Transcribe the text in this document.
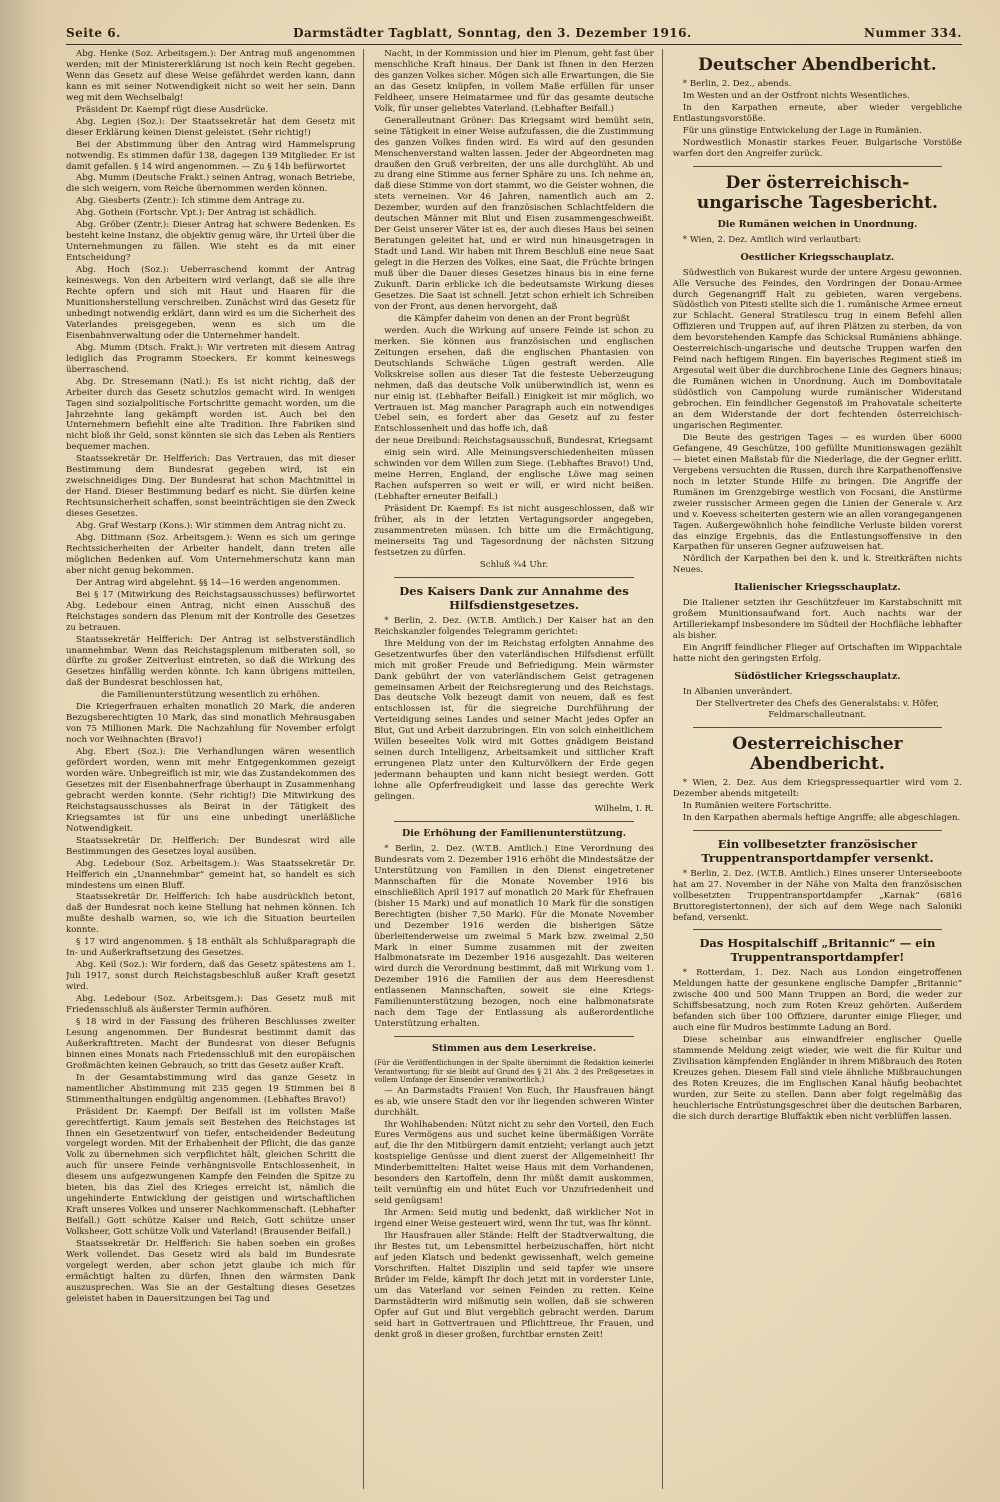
Seite 6.	Darmstädter Tagblatt, Sonntag, den 3. Dezember 1916.	Nummer 334.

Abg. Henke (Soz. Arbeitsgem.): Der Antrag muß angenommen werden; mit der Ministererklärung ist noch kein Recht gegeben. Wenn das Gesetz auf diese Weise gefährdet werden kann, dann kann es mit seiner Notwendigkeit nicht so weit her sein. Dann weg mit dem Wechselbalg!

Präsident Dr. Kaempf rügt diese Ausdrücke.

Abg. Legien (Soz.): Der Staatssekretär hat dem Gesetz mit dieser Erklärung keinen Dienst geleistet. (Sehr richtig!)

Bei der Abstimmung über den Antrag wird Hammelsprung notwendig. Es stimmen dafür 138, dagegen 139 Mitglieder. Er ist damit gefallen. § 14 wird angenommen. — Zu § 14b befürwortet

Abg. Mumm (Deutsche Frakt.) seinen Antrag, wonach Betriebe, die sich weigern, vom Reiche übernommen werden können.

Abg. Giesberts (Zentr.): Ich stimme dem Antrage zu.

Abg. Gothein (Fortschr. Vpt.): Der Antrag ist schädlich.

Abg. Gröber (Zentr.): Dieser Antrag hat schwere Bedenken. Es besteht keine Instanz, die objektiv genug wäre, ihr Urteil über die Unternehmungen zu fällen. Wie steht es da mit einer Entscheidung?

Abg. Hoch (Soz.): Ueberraschend kommt der Antrag keineswegs. Von den Arbeitern wird verlangt, daß sie alle ihre Rechte opfern und sich mit Haut und Haaren für die Munitionsherstellung verschreiben. Zunächst wird das Gesetz für unbedingt notwendig erklärt, dann wird es um die Sicherheit des Vaterlandes preisgegeben, wenn es sich um die Eisenbahnverwaltung oder die Unternehmer handelt.

Abg. Mumm (Dtsch. Frakt.): Wir vertreten mit diesem Antrag lediglich das Programm Stoeckers. Er kommt keineswegs überraschend.

Abg. Dr. Stresemann (Natl.): Es ist nicht richtig, daß der Arbeiter durch das Gesetz schutzlos gemacht wird. In wenigen Tagen sind sozialpolitische Fortschritte gemacht worden, um die Jahrzehnte lang gekämpft worden ist. Auch bei den Unternehmern befiehlt eine alte Tradition. Ihre Fabriken sind nicht bloß ihr Geld, sonst könnten sie sich das Leben als Rentiers bequemer machen.

Staatssekretär Dr. Helfferich: Das Vertrauen, das mit dieser Bestimmung dem Bundesrat gegeben wird, ist ein zweischneidiges Ding. Der Bundesrat hat schon Machtmittel in der Hand. Dieser Bestimmung bedarf es nicht. Sie dürfen keine Rechtsunsicherheit schaffen, sonst beeinträchtigen sie den Zweck dieses Gesetzes.

Abg. Graf Westarp (Kons.): Wir stimmen dem Antrag nicht zu.

Abg. Dittmann (Soz. Arbeitsgem.): Wenn es sich um geringe Rechtssicherheiten der Arbeiter handelt, dann treten alle möglichen Bedenken auf. Vom Unternehmerschutz kann man aber nicht genug bekommen.

Der Antrag wird abgelehnt. §§ 14—16 werden angenommen.

Bei § 17 (Mitwirkung des Reichstagsausschusses) befürwortet Abg. Ledebour einen Antrag, nicht einen Ausschuß des Reichstages sondern das Plenum mit der Kontrolle des Gesetzes zu betrauen.

Staatssekretär Helfferich: Der Antrag ist selbstverständlich unannehmbar. Wenn das Reichstagsplenum mitberaten soll, so dürfte zu großer Zeitverlust eintreten, so daß die Wirkung des Gesetzes hinfällig werden könnte. Ich kann übrigens mitteilen, daß der Bundesrat beschlossen hat,

die Familienunterstützung wesentlich zu erhöhen.

Die Kriegerfrauen erhalten monatlich 20 Mark, die anderen Bezugsberechtigten 10 Mark, das sind monatlich Mehrausgaben von 75 Millionen Mark. Die Nachzahlung für November erfolgt noch vor Weihnachten (Bravo!)

Abg. Ebert (Soz.): Die Verhandlungen wären wesentlich gefördert worden, wenn mit mehr Entgegenkommen gezeigt worden wäre. Unbegreiflich ist mir, wie das Zustandekommen des Gesetzes mit der Eisenbahnerfrage überhaupt in Zusammenhang gebracht werden konnte. (Sehr richtig!) Die Mitwirkung des Reichstagsausschusses als Beirat in der Tätigkeit des Kriegsamtes ist für uns eine unbedingt unerläßliche Notwendigkeit.

Staatssekretär Dr. Helfferich: Der Bundesrat wird alle Bestimmungen des Gesetzes loyal ausüben.

Abg. Ledebour (Soz. Arbeitsgem.): Was Staatssekretär Dr. Helfferich ein „Unannehmbar“ gemeint hat, so handelt es sich mindestens um einen Bluff.

Staatssekretär Dr. Helfferich: Ich habe ausdrücklich betont, daß der Bundesrat noch keine Stellung hat nehmen können. Ich mußte deshalb warnen, so, wie ich die Situation beurteilen konnte.

§ 17 wird angenommen. § 18 enthält als Schlußparagraph die In- und Außerkraftsetzung des Gesetzes.

Abg. Keil (Soz.): Wir fordern, daß das Gesetz spätestens am 1. Juli 1917, sonst durch Reichstagsbeschluß außer Kraft gesetzt wird.

Abg. Ledebour (Soz. Arbeitsgem.): Das Gesetz muß mit Friedensschluß als äußerster Termin aufhören.

§ 18 wird in der Fassung des früheren Beschlusses zweiter Lesung angenommen. Der Bundesrat bestimmt damit das Außerkrafttreten. Macht der Bundesrat von dieser Befugnis binnen eines Monats nach Friedensschluß mit den europäischen Großmächten keinen Gebrauch, so tritt das Gesetz außer Kraft.

In der Gesamtabstimmung wird das ganze Gesetz in namentlicher Abstimmung mit 235 gegen 19 Stimmen bei 8 Stimmenthaltungen endgültig angenommen. (Lebhaftes Bravo!)

Präsident Dr. Kaempf: Der Beifall ist im vollsten Maße gerechtfertigt. Kaum jemals seit Bestehen des Reichstages ist Ihnen ein Gesetzentwurf von tiefer, entscheidender Bedeutung vorgelegt worden. Mit der Erhabenheit der Pflicht, die das ganze Volk zu übernehmen sich verpflichtet hält, gleichen Schritt die auch für unsere Feinde verhängnisvolle Entschlossenheit, in diesem uns aufgezwungenen Kampfe den Feinden die Spitze zu bieten, bis das Ziel des Krieges erreicht ist, nämlich die ungehinderte Entwicklung der geistigen und wirtschaftlichen Kraft unseres Volkes und unserer Nachkommenschaft. (Lebhafter Beifall.) Gott schütze Kaiser und Reich, Gott schütze unser Volksheer, Gott schütze Volk und Vaterland! (Brausender Beifall.)

Staatssekretär Dr. Helfferich: Sie haben soeben ein großes Werk vollendet. Das Gesetz wird als bald im Bundesrate vorgelegt werden, aber schon jetzt glaube ich mich für ermächtigt halten zu dürfen, Ihnen den wärmsten Dank auszusprechen. Was Sie an der Gestaltung dieses Gesetzes geleistet haben in Dauersitzungen bei Tag und

Nacht, in der Kommission und hier im Plenum, geht fast über menschliche Kraft hinaus. Der Dank ist Ihnen in den Herzen des ganzen Volkes sicher. Mögen sich alle Erwartungen, die Sie an das Gesetz knüpfen, in vollem Maße erfüllen für unser Feldheer, unsere Heimatarmee und für das gesamte deutsche Volk, für unser geliebtes Vaterland. (Lebhafter Beifall.)

Generalleutnant Gröner: Das Kriegsamt wird bemüht sein, seine Tätigkeit in einer Weise aufzufassen, die die Zustimmung des ganzen Volkes finden wird. Es wird auf den gesunden Menschenverstand walten lassen. Jeder der Abgeordneten mag draußen den Gruß verbreiten, der uns alle durchglüht. Ab und zu drang eine Stimme aus ferner Sphäre zu uns. Ich nehme an, daß diese Stimme von dort stammt, wo die Geister wohnen, die stets verneinen. Vor 46 Jahren, namentlich auch am 2. Dezember, wurden auf den französischen Schlachtfeldern die deutschen Männer mit Blut und Eisen zusammengeschweißt. Der Geist unserer Väter ist es, der auch dieses Haus bei seinen Beratungen geleitet hat, und er wird nun hinausgetragen in Stadt und Land. Wir haben mit Ihrem Beschluß eine neue Saat gelegt in die Herzen des Volkes, eine Saat, die Früchte bringen muß über die Dauer dieses Gesetzes hinaus bis in eine ferne Zukunft. Darin erblicke ich die bedeutsamste Wirkung dieses Gesetzes. Die Saat ist schnell. Jetzt schon erhielt ich Schreiben von der Front, aus denen hervorgeht, daß

die Kämpfer daheim von denen an der Front begrüßt

werden. Auch die Wirkung auf unsere Feinde ist schon zu merken. Sie können aus französischen und englischen Zeitungen ersehen, daß die englischen Phantasien von Deutschlands Schwäche Lügen gestraft werden. Alle Volkskreise sollen aus dieser Tat die festeste Ueberzeugung nehmen, daß das deutsche Volk unüberwindlich ist, wenn es nur einig ist. (Lebhafter Beifall.) Einigkeit ist mir möglich, wo Vertrauen ist. Mag mancher Paragraph auch ein notwendiges Uebel sein, es fordert aber das Gesetz auf zu fester Entschlossenheit und das hoffe ich, daß

der neue Dreibund: Reichstagsausschuß, Bundesrat, Kriegsamt

einig sein wird. Alle Meinungsverschiedenheiten müssen schwinden vor dem Willen zum Siege. (Lebhaftes Bravo!) Und, meine Herren, England, der englische Löwe mag seinen Rachen aufsperren so weit er will, er wird nicht beißen. (Lebhafter erneuter Beifall.)

Präsident Dr. Kaempf: Es ist nicht ausgeschlossen, daß wir früher, als in der letzten Vertagungsorder angegeben, zusammentreten müssen. Ich bitte um die Ermächtigung, meinerseits Tag und Tagesordnung der nächsten Sitzung festsetzen zu dürfen.

Schluß ¾4 Uhr.

Des Kaisers Dank zur Annahme des Hilfsdienstgesetzes.

* Berlin, 2. Dez. (W.T.B. Amtlich.) Der Kaiser hat an den Reichskanzler folgendes Telegramm gerichtet:

Ihre Meldung von der im Reichstag erfolgten Annahme des Gesetzentwurfes über den vaterländischen Hilfsdienst erfüllt mich mit großer Freude und Befriedigung. Mein wärmster Dank gebührt der von vaterländischem Geist getragenen gemeinsamen Arbeit der Reichsregierung und des Reichstags. Das deutsche Volk bezeugt damit von neuem, daß es fest entschlossen ist, für die siegreiche Durchführung der Verteidigung seines Landes und seiner Macht jedes Opfer an Blut, Gut und Arbeit darzubringen. Ein von solch einheitlichem Willen beseeltes Volk wird mit Gottes gnädigem Beistand seinen durch Intelligenz, Arbeitsamkeit und sittlicher Kraft errungenen Platz unter den Kulturvölkern der Erde gegen jedermann behaupten und kann nicht besiegt werden. Gott lohne alle Opferfreudigkeit und lasse das gerechte Werk gelingen.

Wilhelm, I. R.

Die Erhöhung der Familienunterstützung.

* Berlin, 2. Dez. (W.T.B. Amtlich.) Eine Verordnung des Bundesrats vom 2. Dezember 1916 erhöht die Mindestsätze der Unterstützung von Familien in den Dienst eingetretener Mannschaften für die Monate November 1916 bis einschließlich April 1917 auf monatlich 20 Mark für Ehefrauen (bisher 15 Mark) und auf monatlich 10 Mark für die sonstigen Berechtigten (bisher 7,50 Mark). Für die Monate November und Dezember 1916 werden die bisherigen Sätze überleitenderweise um zweimal 5 Mark bzw. zweimal 2,50 Mark in einer Summe zusammen mit der zweiten Halbmonatsrate im Dezember 1916 ausgezahlt. Das weiteren wird durch die Verordnung bestimmt, daß mit Wirkung vom 1. Dezember 1916 die Familien der aus dem Heeresdienst entlassenen Mannschaften, soweit sie eine Kriegs-Familienunterstützung bezogen, noch eine halbmonatsrate nach dem Tage der Entlassung als außerordentliche Unterstützung erhalten.

Stimmen aus dem Leserkreise.

(Für die Veröffentlichungen in der Spalte übernimmt die Redaktion keinerlei Verantwortung; für sie bleibt auf Grund des § 21 Abs. 2 des Preßgesetzes in vollem Umfange der Einsender verantwortlich.)

— An Darmstadts Frauen! Von Euch, Ihr Hausfrauen hängt es ab, wie unsere Stadt den vor ihr liegenden schweren Winter durchhält.

Ihr Wohlhabenden: Nützt nicht zu sehr den Vorteil, den Euch Eures Vermögens aus und suchet keine übermäßigen Vorräte auf, die Ihr den Mitbürgern damit entzieht; verlangt auch jetzt kostspielige Genüsse und dient zuerst der Allgemeinheit! Ihr Minderbemittelten: Haltet weise Haus mit dem Vorhandenen, besonders den Kartoffeln, denn Ihr müßt damit auskommen, teilt vernünftig ein und hütet Euch vor Unzufriedenheit und seid genügsam!

Ihr Armen: Seid mutig und bedenkt, daß wirklicher Not in irgend einer Weise gesteuert wird, wenn Ihr tut, was Ihr könnt.

Ihr Hausfrauen aller Stände: Helft der Stadtverwaltung, die ihr Bestes tut, um Lebensmittel herbeizuschaffen, hört nicht auf jeden Klatsch und bedenkt gewissenhaft, welch gemeine Vorschriften. Haltet Disziplin und seid tapfer wie unsere Brüder im Felde, kämpft Ihr doch jetzt mit in vorderster Linie, um das Vaterland vor seinen Feinden zu retten. Keine Darmstädterin wird mißmutig sein wollen, daß sie schweren Opfer auf Gut und Blut vergeblich gebracht werden. Darum seid hart in Gottvertrauen und Pflichttreue, Ihr Frauen, und denkt groß in dieser großen, furchtbar ernsten Zeit!

Deutscher Abendbericht.

* Berlin, 2. Dez., abends.

Im Westen und an der Ostfront nichts Wesentliches.

In den Karpathen erneute, aber wieder vergebliche Entlastungsvorstöße.

Für uns günstige Entwickelung der Lage in Rumänien.

Nordwestlich Monastir starkes Feuer. Bulgarische Vorstöße warfen dort den Angreifer zurück.

Der österreichisch-ungarische Tagesbericht.
Die Rumänen weichen in Unordnung.

* Wien, 2. Dez. Amtlich wird verlautbart:

Oestlicher Kriegsschauplatz.

Südwestlich von Bukarest wurde der untere Argesu gewonnen. Alle Versuche des Feindes, den Vordringen der Donau-Armee durch Gegenangriff Halt zu gebieten, waren vergebens. Südöstlich von Pitesti stellte sich die 1. rumänische Armee erneut zur Schlacht. General Stratilescu trug in einem Befehl allen Offizieren und Truppen auf, auf ihren Plätzen zu sterben, da von dem bevorstehenden Kampfe das Schicksal Rumäniens abhänge. Oesterreichisch-ungarische und deutsche Truppen warfen den Feind nach heftigem Ringen. Ein bayerisches Regiment stieß im Argesutal weit über die durchbrochene Linie des Gegners hinaus; die Rumänen wichen in Unordnung. Auch im Dombovitatale südöstlich von Campolung wurde rumänischer Widerstand gebrochen. Ein feindlicher Gegenstoß im Prahovatale scheiterte an dem Widerstande der dort fechtenden österreichisch-ungarischen Regimenter.

Die Beute des gestrigen Tages — es wurden über 6000 Gefangene, 49 Geschütze, 100 gefüllte Munitionswagen gezählt — bietet einen Maßstab für die Niederlage, die der Gegner erlitt. Vergebens versuchten die Russen, durch ihre Karpathenoffensive noch in letzter Stunde Hilfe zu bringen. Die Angriffe der Rumänen im Grenzgebirge westlich von Focsani, die Anstürme zweier russischer Armeen gegen die Linien der Generale v. Arz und v. Koevess scheiterten gestern wie an allen vorangegangenen Tagen. Außergewöhnlich hohe feindliche Verluste bilden vorerst das einzige Ergebnis, das die Entlastungsoffensive in den Karpathen für unseren Gegner aufzuweisen hat.

Nördlich der Karpathen bei den k. und k. Streitkräften nichts Neues.

Italienischer Kriegsschauplatz.

Die Italiener setzten ihr Geschützfeuer im Karstabschnitt mit großem Munitionsaufwand fort. Auch nachts war der Artilleriekampf insbesondere im Südteil der Hochfläche lebhafter als bisher.

Ein Angriff feindlicher Flieger auf Ortschaften im Wippachtale hatte nicht den geringsten Erfolg.

Südöstlicher Kriegsschauplatz.

In Albanien unverändert.

Der Stellvertreter des Chefs des Generalstabs: v. Höfer, Feldmarschalleutnant.

Oesterreichischer Abendbericht.

* Wien, 2. Dez. Aus dem Kriegspressequartier wird vom 2. Dezember abends mitgeteilt:

In Rumänien weitere Fortschritte.

In den Karpathen abermals heftige Angriffe; alle abgeschlagen.

Ein vollbesetzter französischer Truppentransportdampfer versenkt.

* Berlin, 2. Dez. (W.T.B. Amtlich.) Eines unserer Unterseeboote hat am 27. November in der Nähe von Malta den französischen vollbesetzten Truppentransportdampfer „Karnak“ (6816 Bruttoregistertonnen), der sich auf dem Wege nach Saloniki befand, versenkt.

Das Hospitalschiff „Britannic“ — ein Truppentransportdampfer!

* Rotterdam, 1. Dez. Nach aus London eingetroffenen Meldungen hatte der gesunkene englische Dampfer „Britannic“ zwische 400 und 500 Mann Truppen an Bord, die weder zur Schiffsbesatzung, noch zum Roten Kreuz gehörten. Außerdem befanden sich über 100 Offiziere, darunter einige Flieger, und auch eine für Mudros bestimmte Ladung an Bord.

Diese scheinbar aus einwandfreier englischer Quelle stammende Meldung zeigt wieder, wie weit die für Kultur und Zivilisation kämpfenden Engländer in ihrem Mißbrauch des Roten Kreuzes gehen. Diesem Fall sind viele ähnliche Mißbrauchungen des Roten Kreuzes, die im Englischen Kanal häufig beobachtet wurden, zur Seite zu stellen. Dann aber folgt regelmäßig das heuchlerische Entrüstungsgeschrei über die deutschen Barbaren, die sich durch derartige Bluffaktik eben nicht verblüffen lassen.
